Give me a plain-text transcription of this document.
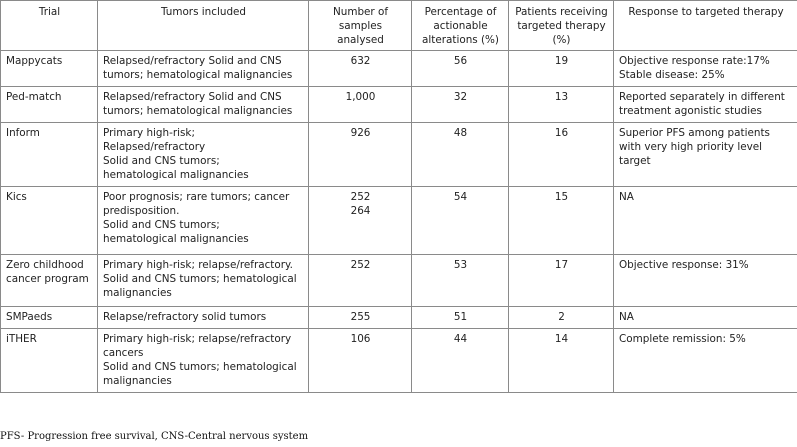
Trial	Tumors included	Number of samples analysed	Percentage of actionable alterations (%)	Patients receiving targeted therapy (%)	Response to targeted therapy
Mappycats	Relapsed/refractory Solid and CNS tumors; hematological malignancies	632	56	19	Objective response rate:17%
Stable disease: 25%

Ped-match	Relapsed/refractory Solid and CNS tumors; hematological malignancies	1,000	32	13	Reported separately in different treatment agonistic studies

Inform	Primary high-risk;
Relapsed/refractory
Solid and CNS tumors;
hematological malignancies	926	48	16	Superior PFS among patients with very high priority level target

Kics	Poor prognosis; rare tumors; cancer predisposition.
Solid and CNS tumors;
hematological malignancies	252
264	54	15	NA

Zero childhood cancer program	Primary high-risk; relapse/refractory.
Solid and CNS tumors; hematological malignancies	252	53	17	Objective response: 31%

SMPaeds	Relapse/refractory solid tumors	255	51	2	NA

iTHER	Primary high-risk; relapse/refractory cancers
Solid and CNS tumors; hematological malignancies	106	44	14	Complete remission: 5%
PFS- Progression free survival, CNS-Central nervous system
